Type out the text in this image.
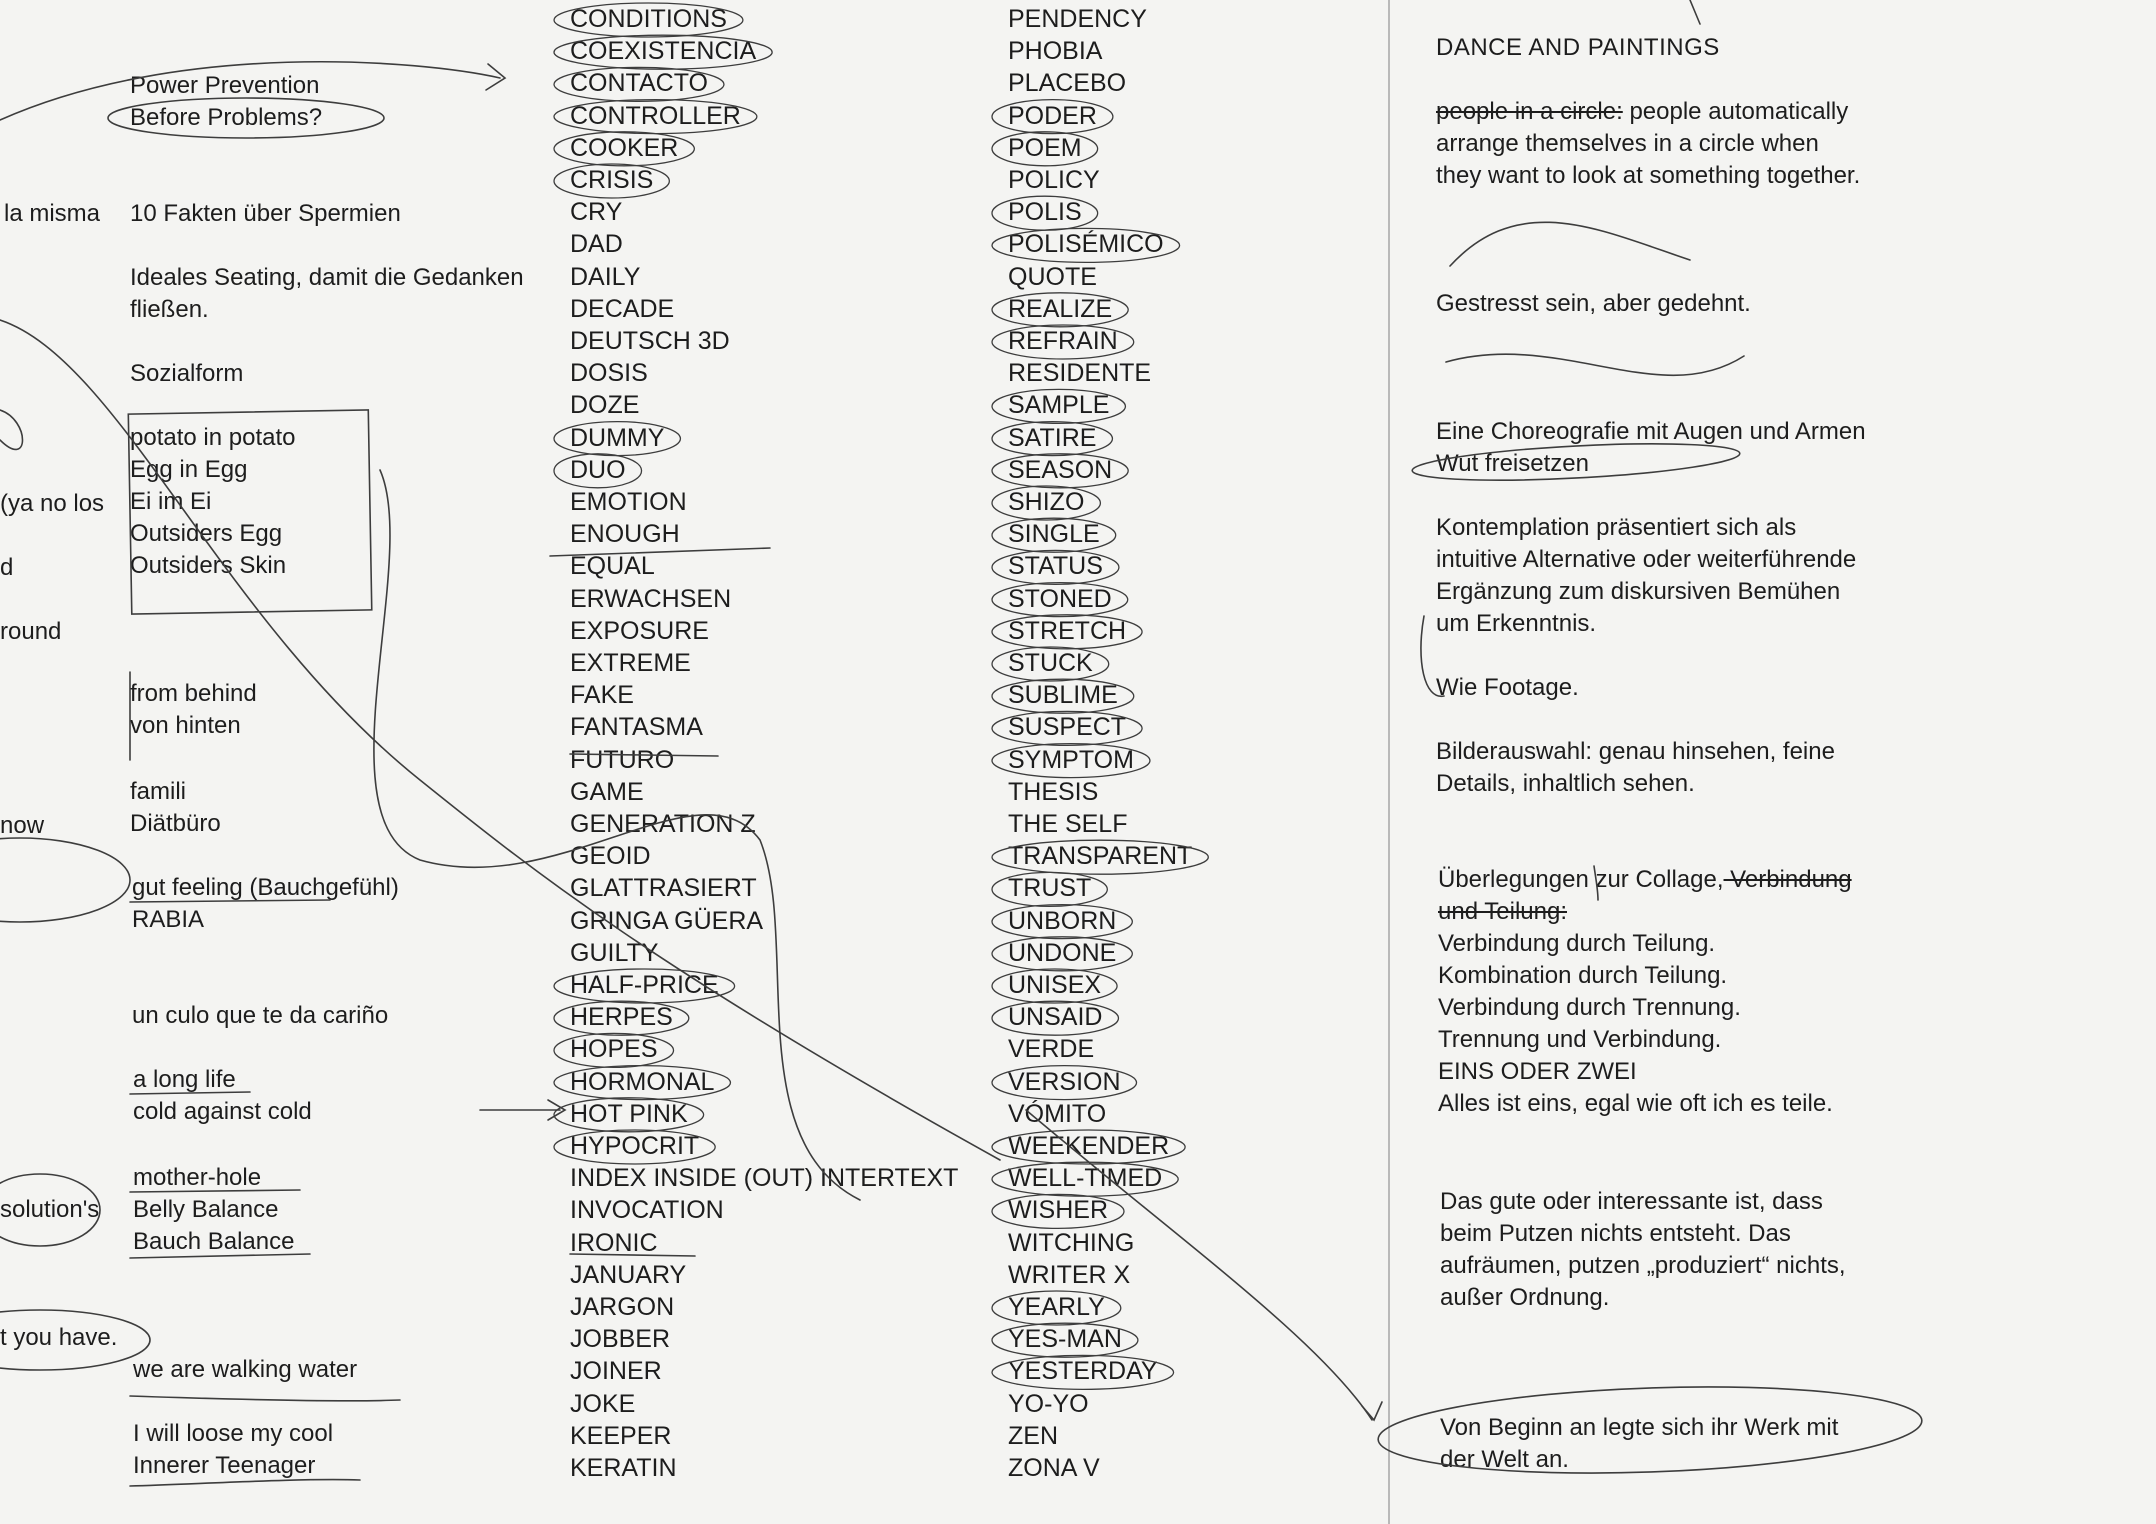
la misma

(ya no los

d

round

now

solution's

t you have.

Power Prevention

Before Problems?

10 Fakten über Spermien

Ideales Seating, damit die Gedanken

fließen.

Sozialform

potato in potato

Egg in Egg

Ei im Ei

Outsiders Egg

Outsiders Skin

from behind

von hinten

famili

Diätbüro

gut feeling (Bauchgefühl)

RABIA

un culo que te da cariño

a long life

cold against cold

mother-hole

Belly Balance

Bauch Balance

we are walking water

I will loose my cool

Innerer Teenager

CONDITIONS
COEXISTENCIA
CONTACTO
CONTROLLER
COOKER
CRISIS
CRY
DAD
DAILY
DECADE
DEUTSCH 3D
DOSIS
DOZE
DUMMY
DUO
EMOTION
ENOUGH
EQUAL
ERWACHSEN
EXPOSURE
EXTREME
FAKE
FANTASMA
FUTURO
GAME
GENERATION Z
GEOID
GLATTRASIERT
GRINGA GÜERA
GUILTY
HALF-PRICE
HERPES
HOPES
HORMONAL
HOT PINK
HYPOCRIT
INDEX INSIDE (OUT) INTERTEXT
INVOCATION
IRONIC
JANUARY
JARGON
JOBBER
JOINER
JOKE
KEEPER
KERATIN
PENDENCY
PHOBIA
PLACEBO
PODER
POEM
POLICY
POLIS
POLISÉMICO
QUOTE
REALIZE
REFRAIN
RESIDENTE
SAMPLE
SATIRE
SEASON
SHIZO
SINGLE
STATUS
STONED
STRETCH
STUCK
SUBLIME
SUSPECT
SYMPTOM
THESIS
THE SELF
TRANSPARENT
TRUST
UNBORN
UNDONE
UNISEX
UNSAID
VERDE
VERSION
VÓMITO
WEEKENDER
WELL-TIMED
WISHER
WITCHING
WRITER X
YEARLY
YES-MAN
YESTERDAY
YO-YO
ZEN
ZONA V

DANCE AND PAINTINGS

people in a circle: people automatically

arrange themselves in a circle when

they want to look at something together.

Gestresst sein, aber gedehnt.

Eine Choreografie mit Augen und Armen

Wut freisetzen

Kontemplation präsentiert sich als

intuitive Alternative oder weiterführende

Ergänzung zum diskursiven Bemühen

um Erkenntnis.

Wie Footage.

Bilderauswahl: genau hinsehen, feine

Details, inhaltlich sehen.

Überlegungen zur Collage, Verbindung

und Teilung:

Verbindung durch Teilung.

Kombination durch Teilung.

Verbindung durch Trennung.

Trennung und Verbindung.

EINS ODER ZWEI

Alles ist eins, egal wie oft ich es teile.

Das gute oder interessante ist, dass

beim Putzen nichts entsteht. Das

aufräumen, putzen „produziert“ nichts,

außer Ordnung.

Von Beginn an legte sich ihr Werk mit

der Welt an.
